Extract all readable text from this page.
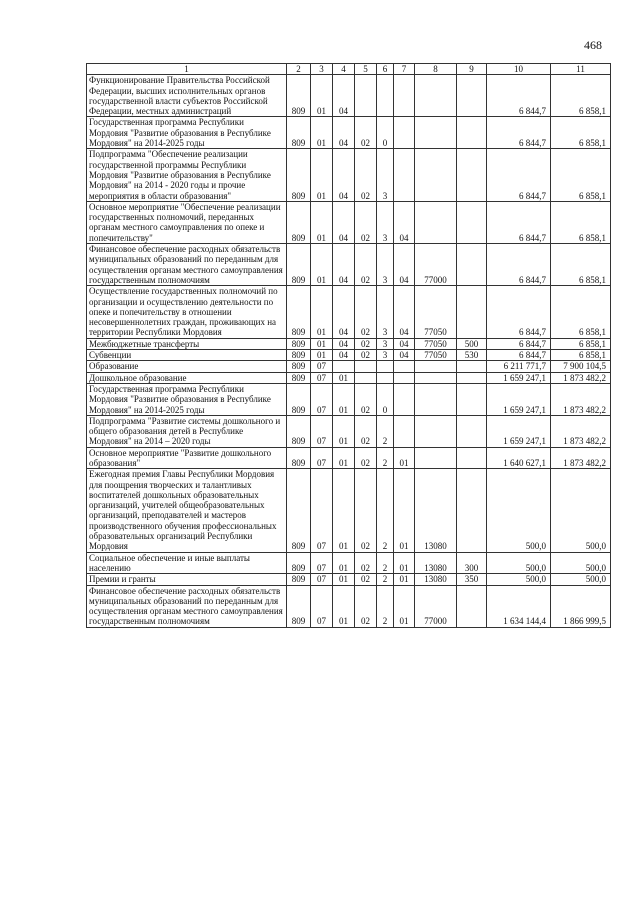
468
1	2	3	4	5	6	7	8	9	10	11
Функционирование Правительства Российской Федерации, высших исполнительных органов государственной власти субъектов Российской Федерации, местных администраций	809	01	04						6 844,7	6 858,1
Государственная программа Республики Мордовия "Развитие образования в Республике Мордовия" на 2014-2025 годы	809	01	04	02	0				6 844,7	6 858,1
Подпрограмма "Обеспечение реализации государственной программы Республики Мордовия "Развитие образования в Республике Мордовия" на 2014 - 2020 годы и прочие мероприятия в области образования"	809	01	04	02	3				6 844,7	6 858,1
Основное мероприятие "Обеспечение реализации государственных полномочий, переданных органам местного самоуправления по опеке и попечительству"	809	01	04	02	3	04			6 844,7	6 858,1
Финансовое обеспечение расходных обязательств муниципальных образований по переданным для осуществления органам местного самоуправления государственным полномочиям	809	01	04	02	3	04	77000		6 844,7	6 858,1
Осуществление государственных полномочий по организации и осуществлению деятельности по опеке и попечительству в отношении несовершеннолетних граждан, проживающих на территории Республики Мордовия	809	01	04	02	3	04	77050		6 844,7	6 858,1
Межбюджетные трансферты	809	01	04	02	3	04	77050	500	6 844,7	6 858,1
Субвенции	809	01	04	02	3	04	77050	530	6 844,7	6 858,1
Образование	809	07							6 211 771,7	7 900 104,5
Дошкольное образование	809	07	01						1 659 247,1	1 873 482,2
Государственная программа Республики Мордовия "Развитие образования в Республике Мордовия" на 2014-2025 годы	809	07	01	02	0				1 659 247,1	1 873 482,2
Подпрограмма "Развитие системы дошкольного и общего образования детей в Республике Мордовия" на 2014 – 2020 годы	809	07	01	02	2				1 659 247,1	1 873 482,2
Основное мероприятие "Развитие дошкольного образования"	809	07	01	02	2	01			1 640 627,1	1 873 482,2
Ежегодная премия Главы Республики Мордовия для поощрения творческих и талантливых воспитателей дошкольных образовательных организаций, учителей общеобразовательных организаций, преподавателей и мастеров производственного обучения профессиональных образовательных организаций Республики Мордовия	809	07	01	02	2	01	13080		500,0	500,0
Социальное обеспечение и иные выплаты населению	809	07	01	02	2	01	13080	300	500,0	500,0
Премии и гранты	809	07	01	02	2	01	13080	350	500,0	500,0
Финансовое обеспечение расходных обязательств муниципальных образований по переданным для осуществления органам местного самоуправления государственным полномочиям	809	07	01	02	2	01	77000		1 634 144,4	1 866 999,5
